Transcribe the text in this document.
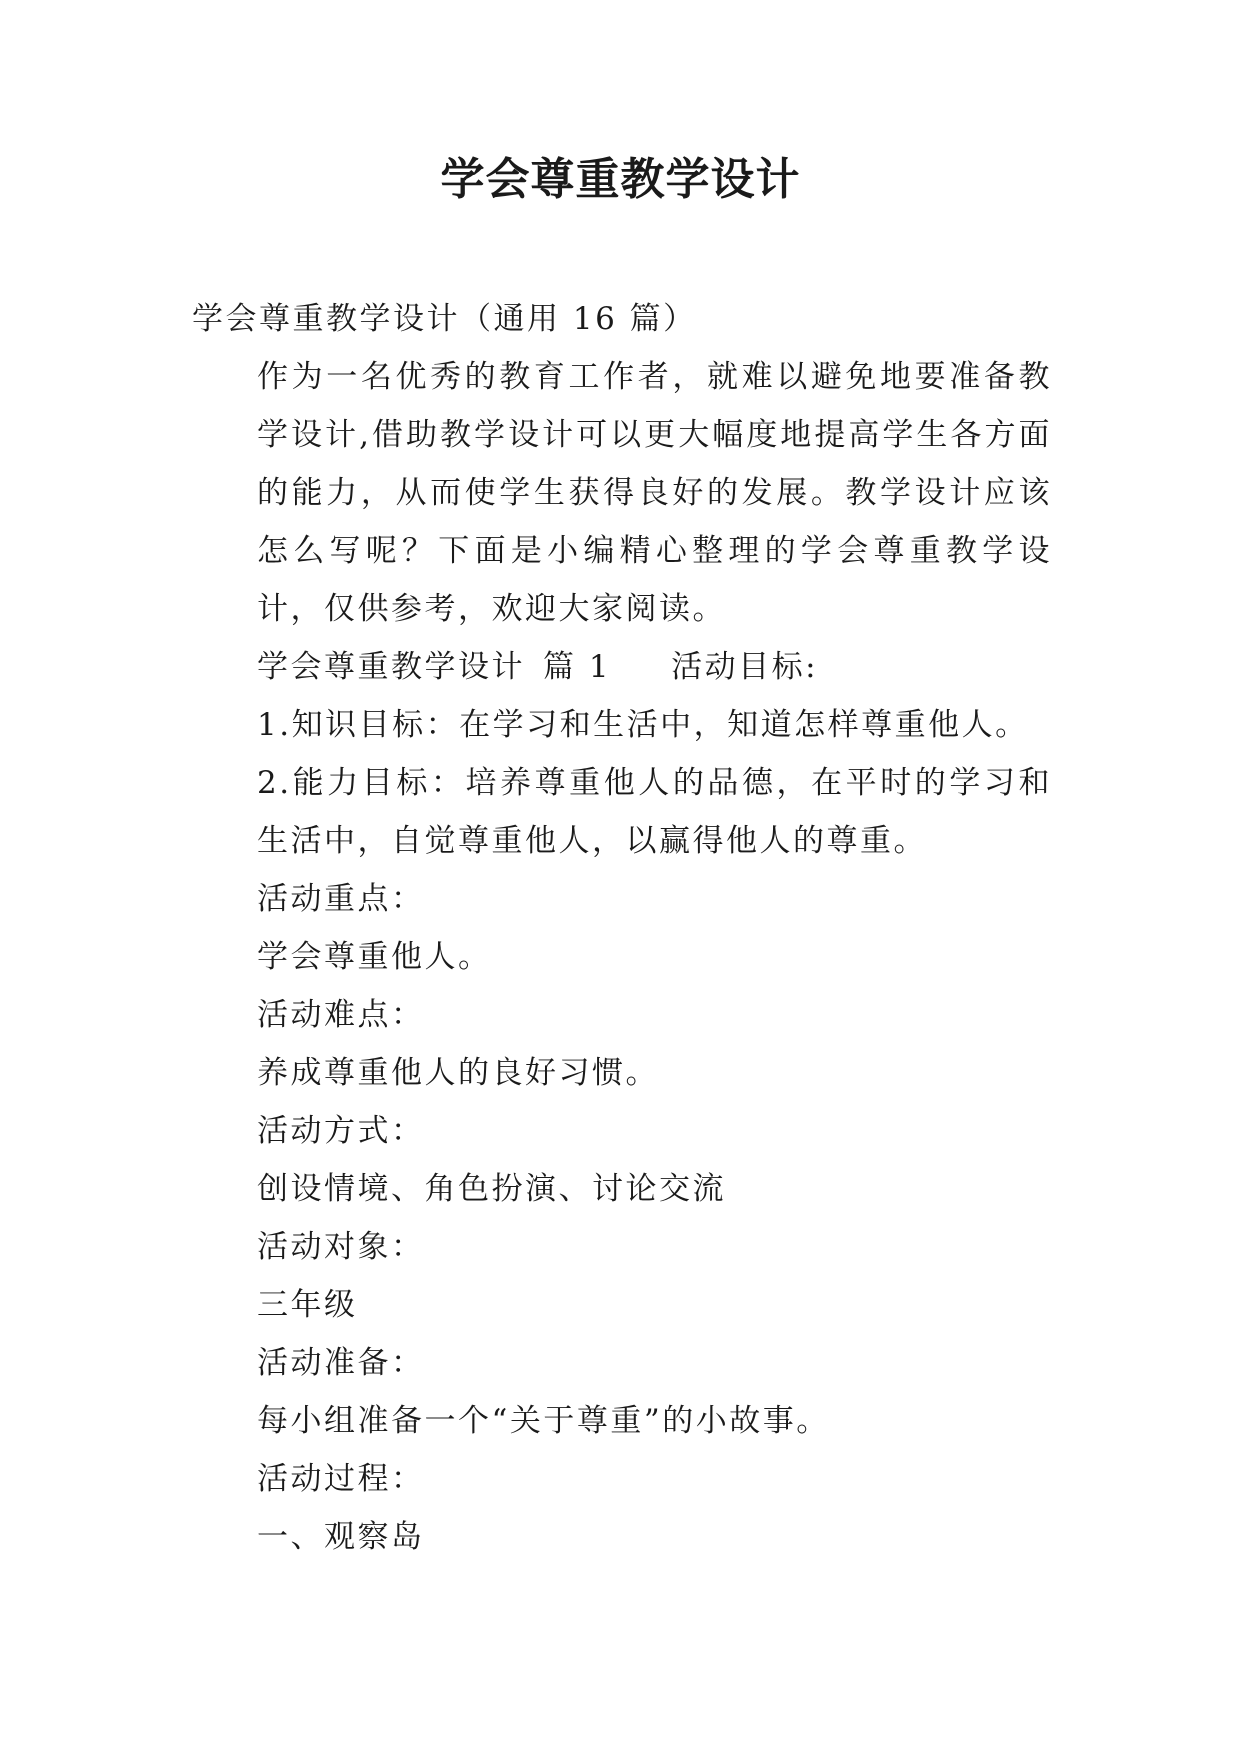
学会尊重教学设计

学会尊重教学设计（通用 16 篇）

作为一名优秀的教育工作者，就难以避免地要准备教学设计,借助教学设计可以更大幅度地提高学生各方面的能力，从而使学生获得良好的发展。教学设计应该怎么写呢？下面是小编精心整理的学会尊重教学设计，仅供参考，欢迎大家阅读。

学会尊重教学设计 篇 1 活动目标:

1.知识目标：在学习和生活中，知道怎样尊重他人。

2.能力目标：培养尊重他人的品德，在平时的学习和生活中，自觉尊重他人，以赢得他人的尊重。

活动重点：

学会尊重他人。

活动难点：

养成尊重他人的良好习惯。

活动方式：

创设情境、角色扮演、讨论交流

活动对象：

三年级

活动准备：

每小组准备一个“关于尊重”的小故事。

活动过程：

一、观察岛
